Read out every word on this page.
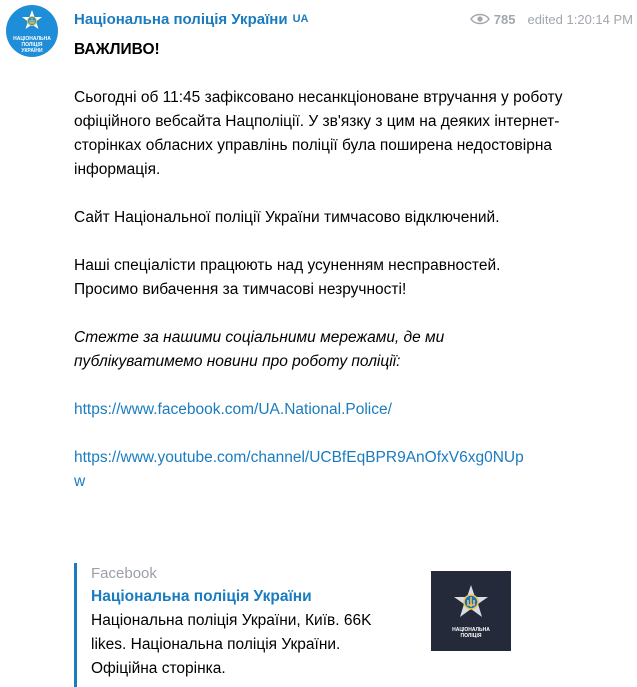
НАЦІОНАЛЬНА
ПОЛІЦІЯ
УКРАЇНИ
Національна поліція України UA	785 edited 1:20:14 PM

ВАЖЛИВО!

Сьогодні об 11:45 зафіксовано несанкціоноване втручання у роботу офіційного вебсайта Нацполіції. У зв'язку з цим на деяких інтернет-сторінках обласних управлінь поліції була поширена недостовірна інформація.

Сайт Національної поліції України тимчасово відключений.

Наші спеціалісти працюють над усуненням несправностей. Просимо вибачення за тимчасові незручності!

Стежте за нашими соціальними мережами, де ми публікуватимемо новини про роботу поліції:

https://www.facebook.com/UA.National.Police/

https://www.youtube.com/channel/UCBfEqBPR9AnOfxV6xg0NUpw

Facebook
Національна поліція України
Національна поліція України, Київ. 66K likes. Національна поліція України. Офіційна сторінка.
НАЦІОНАЛЬНА
ПОЛІЦІЯ
